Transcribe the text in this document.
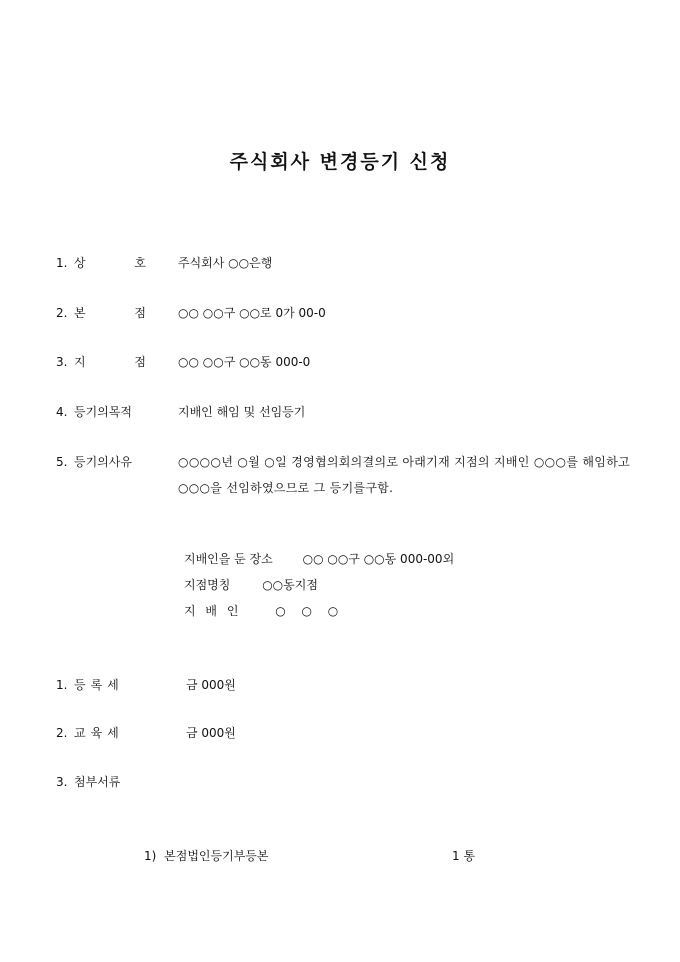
주식회사 변경등기 신청
1. 상	호	주식회사 ○○은행
2. 본	점	○○ ○○구 ○○로 0가 00-0
3. 지	점	○○ ○○구 ○○동 000-0
4. 등기의목적	지배인 해임 및 선임등기
5. 등기의사유	○○○○년 ○월 ○일 경영협의회의결의로 아래기재 지점의 지배인 ○○○를 해임하고 ○○○을 선임하였으므로 그 등기를구함.
지배인을 둔 장소 ○○ ○○구 ○○동 000-00외
지점명칭	○○동지점
지 배 인	○ ○ ○
1. 등록세	금 000원
2. 교육세	금 000원
3. 첨부서류
1) 본점법인등기부등본	1 통
